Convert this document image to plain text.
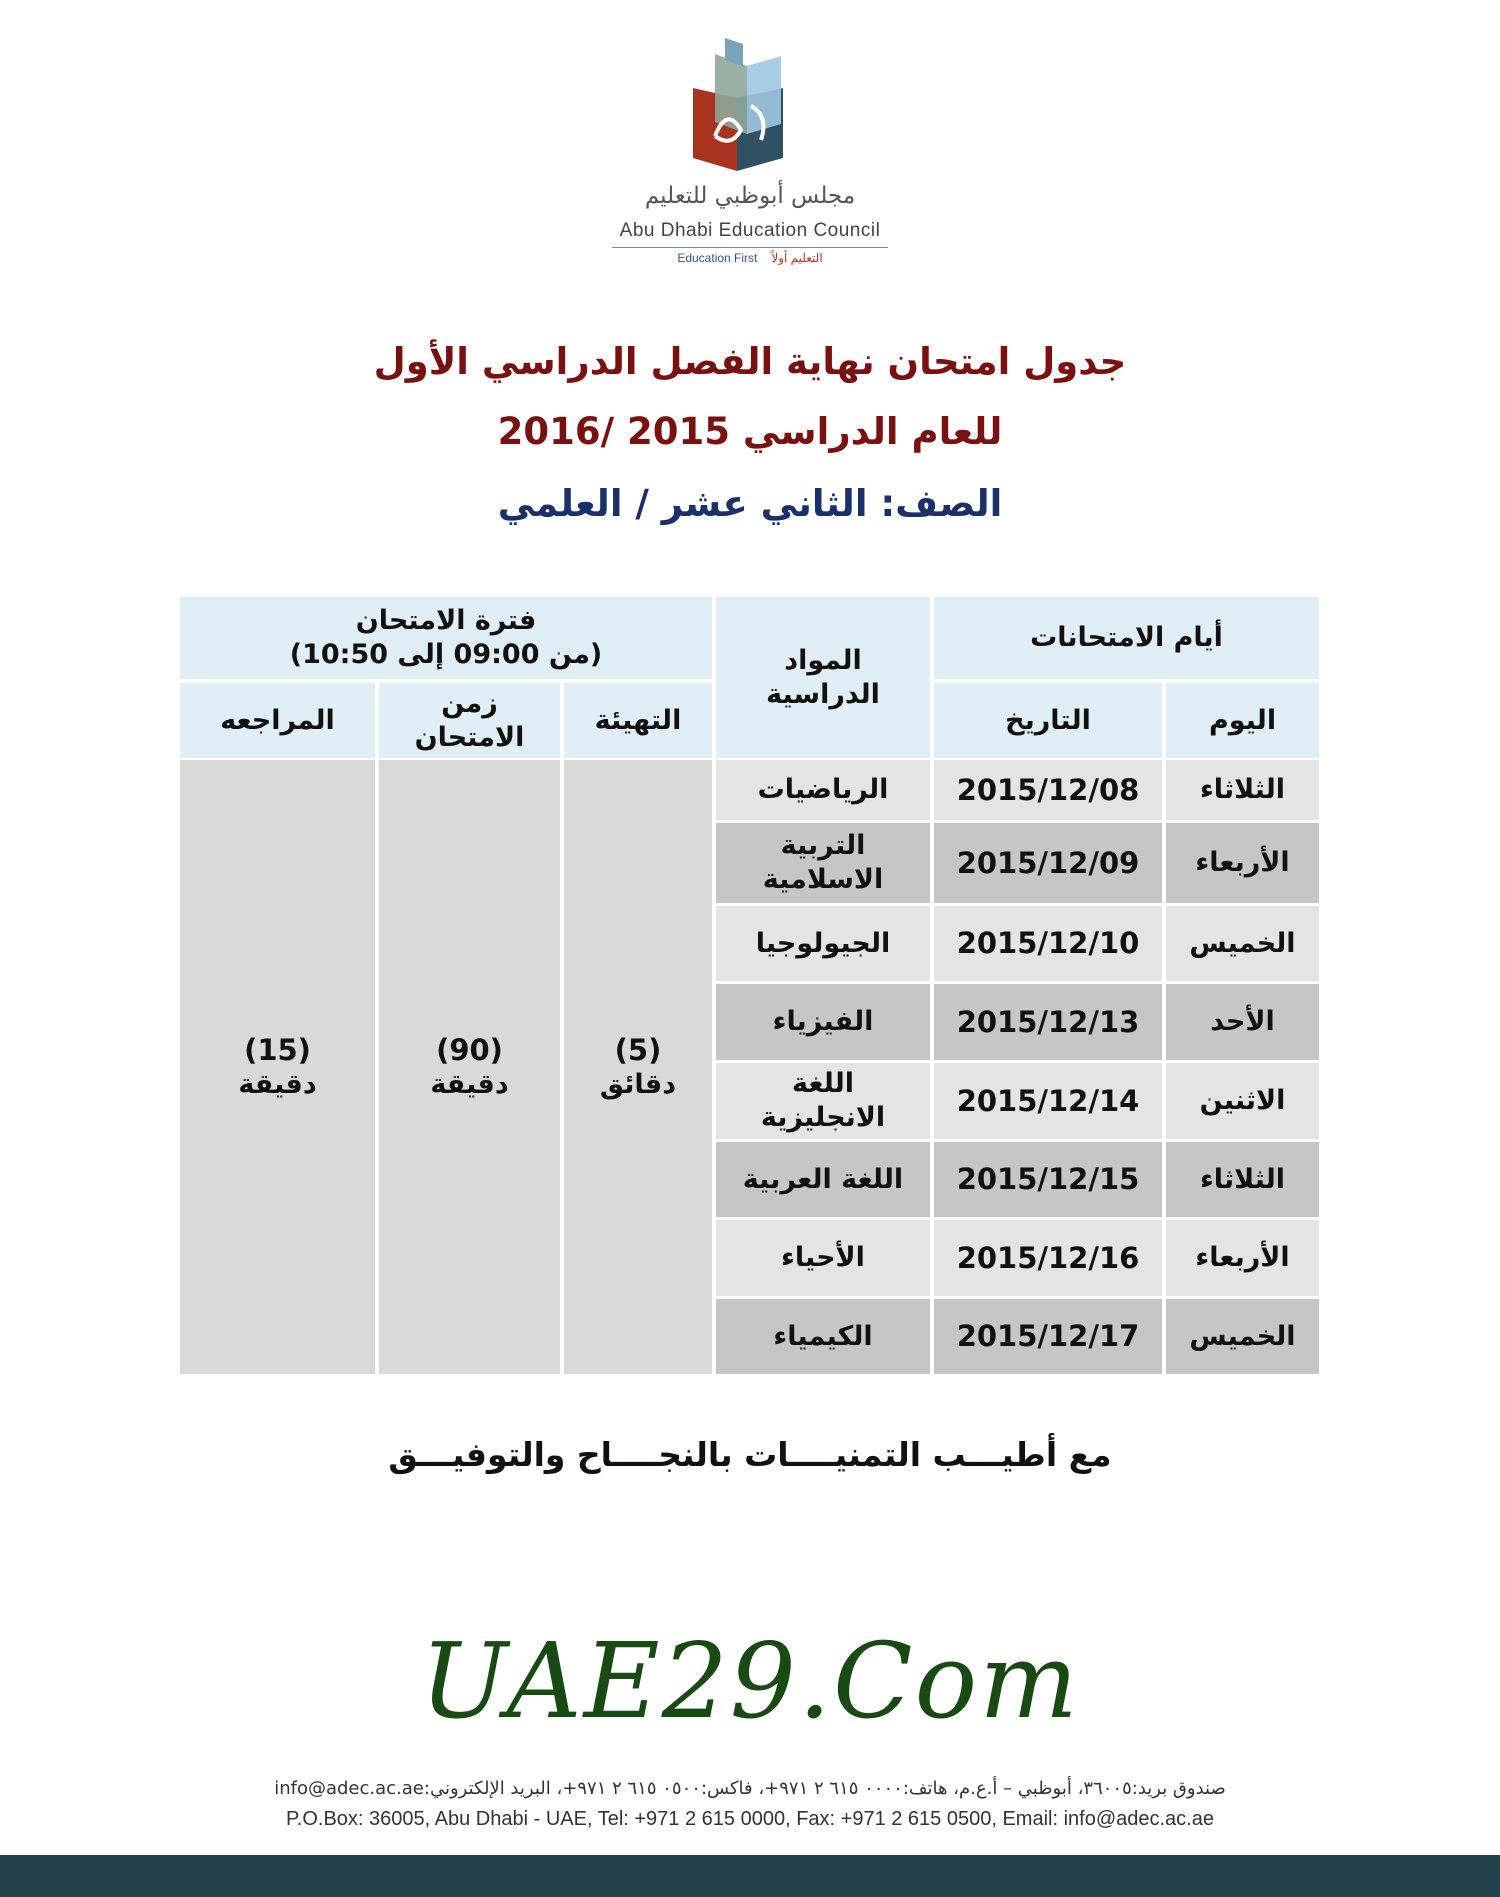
مجلس أبوظبي للتعليم
Abu Dhabi Education Council
Education First التعليم أولاً
جدول امتحان نهاية الفصل الدراسي الأول
للعام الدراسي 2015 /2016
الصف: الثاني عشر / العلمي
أيام الامتحانات
اليوم
التاريخ
المواد الدراسية
فترة الامتحان
(من 09:00 إلى 10:50)
التهيئة
زمن الامتحان
المراجعه
الثلاثاء
2015/12/08
الرياضيات
الأربعاء
2015/12/09
التربية الاسلامية
الخميس
2015/12/10
الجيولوجيا
الأحد
2015/12/13
الفيزياء
الاثنين
2015/12/14
اللغة الانجليزية
الثلاثاء
2015/12/15
اللغة العربية
الأربعاء
2015/12/16
الأحياء
الخميس
2015/12/17
الكيمياء
(5)
دقائق
(90)
دقيقة
(15)
دقيقة
مع أطيـــب التمنيــــات بالنجــــاح والتوفيـــق
UAE29.Com
صندوق بريد:٣٦٠٠٥، أبوظبي – أ.ع.م، هاتف:٠٠٠٠ ٦١٥ ٢ ٩٧١+، فاكس:٠٥٠٠ ٦١٥ ٢ ٩٧١+، البريد الإلكتروني:info@adec.ac.ae
P.O.Box: 36005, Abu Dhabi - UAE, Tel: +971 2 615 0000, Fax: +971 2 615 0500, Email: info@adec.ac.ae
